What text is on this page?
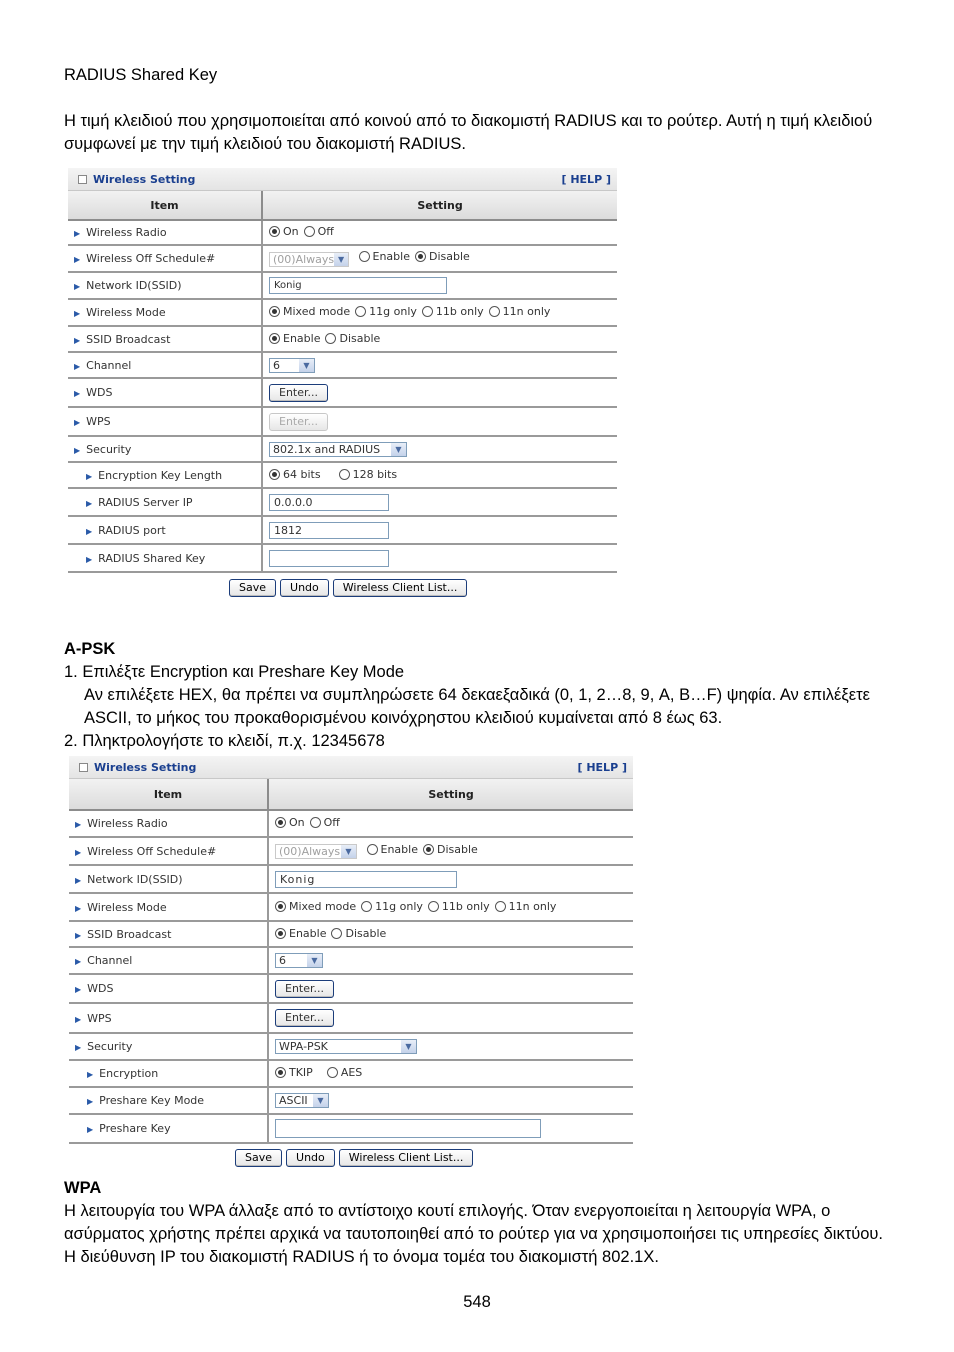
RADIUS Shared Key
Η τιμή κλειδιού που χρησιμοποιείται από κοινού από το διακομιστή RADIUS και το ρούτερ. Αυτή η τιμή κλειδιού συμφωνεί με την τιμή κλειδιού του διακομιστή RADIUS.
Wireless Setting	[ HELP ]
Item	Setting
▶ Wireless Radio	On Off

▶ Wireless Off Schedule#	(00)Always ▼
Enable Disable

▶ Network ID(SSID)	Konig
▶ Wireless Mode	Mixed mode 11g only 11b only 11n only

▶ SSID Broadcast	Enable Disable

▶ Channel	6 ▼

▶ WDS	Enter...
▶ WPS	Enter...
▶ Security	802.1x and RADIUS ▼

▶ Encryption Key Length	64 bits 128 bits

▶ RADIUS Server IP	0.0.0.0
▶ RADIUS port	1812
▶ RADIUS Shared Key	
Save	Undo	Wireless Client List...
A-PSK
1. Επιλέξτε Encryption και Preshare Key Mode
Αν επιλέξετε HEX, θα πρέπει να συμπληρώσετε 64 δεκαεξαδικά (0, 1, 2…8, 9, A, B…F) ψηφία. Αν επιλέξετε ASCII, το μήκος του προκαθορισμένου κοινόχρηστου κλειδιού κυμαίνεται από 8 έως 63.
2. Πληκτρολογήστε το κλειδί, π.χ. 12345678
Wireless Setting	[ HELP ]
Item	Setting
▶ Wireless Radio	On Off

▶ Wireless Off Schedule#	(00)Always ▼
Enable Disable

▶ Network ID(SSID)	Konig
▶ Wireless Mode	Mixed mode 11g only 11b only 11n only

▶ SSID Broadcast	Enable Disable

▶ Channel	6 ▼

▶ WDS	Enter...
▶ WPS	Enter...
▶ Security	WPA-PSK ▼

▶ Encryption	TKIP AES

▶ Preshare Key Mode	ASCII ▼

▶ Preshare Key	
Save	Undo	Wireless Client List...
WPA
Η λειτουργία του WPA άλλαξε από το αντίστοιχο κουτί επιλογής. Όταν ενεργοποιείται η λειτουργία WPA, ο ασύρματος χρήστης πρέπει αρχικά να ταυτοποιηθεί από το ρούτερ για να χρησιμοποιήσει τις υπηρεσίες δικτύου. Η διεύθυνση IP του διακομιστή RADIUS ή το όνομα τομέα του διακομιστή 802.1X.
548
